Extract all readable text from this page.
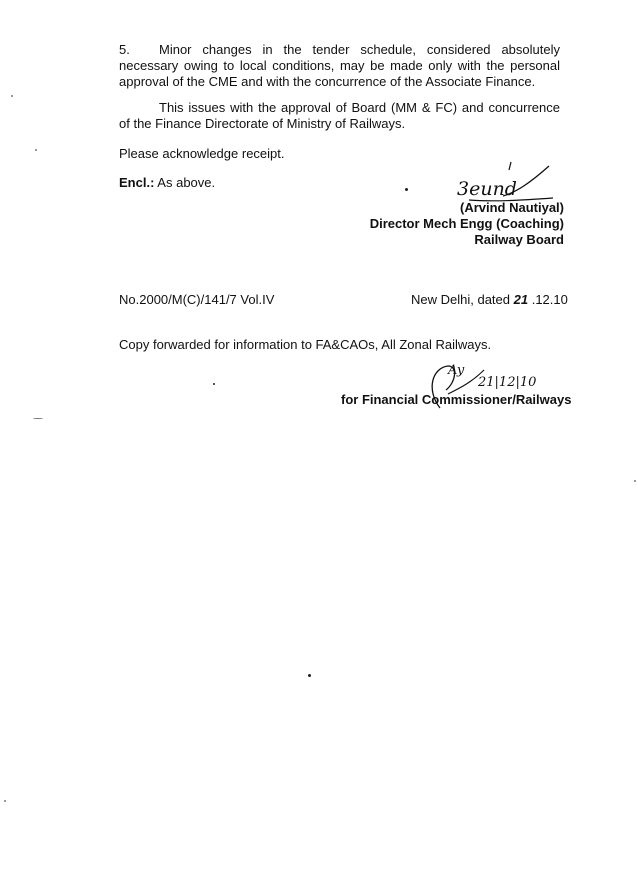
5. Minor changes in the tender schedule, considered absolutely necessary owing to local conditions, may be made only with the personal approval of the CME and with the concurrence of the Associate Finance.

This issues with the approval of Board (MM & FC) and concurrence of the Finance Directorate of Ministry of Railways.

Please acknowledge receipt.

Encl.: As above.	3eund

(Arvind Nautiyal)

Director Mech Engg (Coaching)

Railway Board

No.2000/M(C)/141/7 Vol.IV	New Delhi, dated 21 .12.10

Copy forwarded for information to FA&CAOs, All Zonal Railways.

Ay
21|12|10

for Financial Commissioner/Railways
